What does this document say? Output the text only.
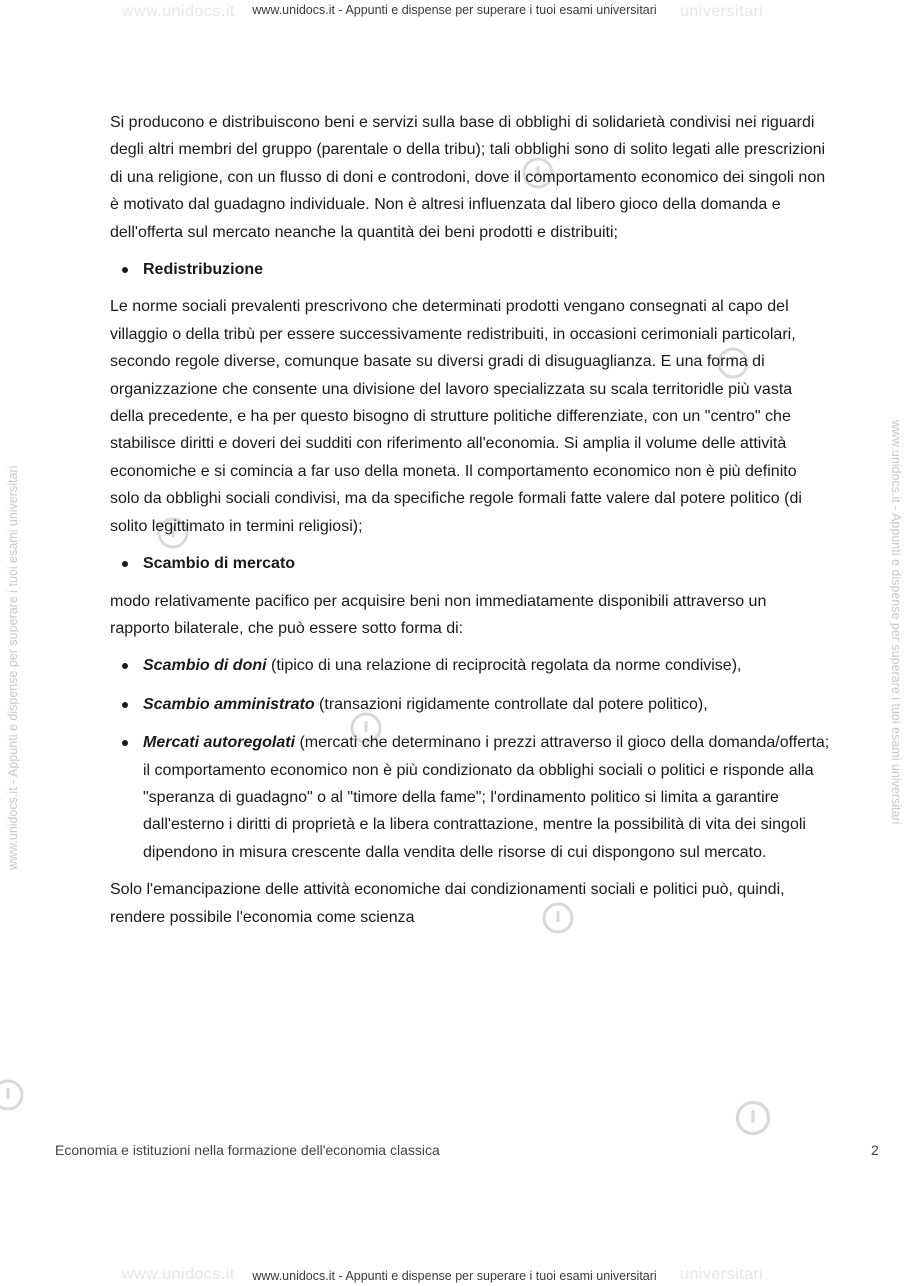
www.unidocs.it	universitari
www.unidocs.it - Appunti e dispense per superare i tuoi esami universitari
www.unidocs.it	universitari
www.unidocs.it - Appunti e dispense per superare i tuoi esami universitari
www.unidocs.it - Appunti e dispense per superare i tuoi esami universitari	www.unidocs.it - Appunti e dispense per superare i tuoi esami universitari

Si producono e distribuiscono beni e servizi sulla base di obblighi di solidarietà condivisi nei riguardi degli altri membri del gruppo (parentale o della tribu); tali obblighi sono di solito legati alle prescrizioni di una religione, con un flusso di doni e controdoni, dove il comportamento economico dei singoli non è motivato dal guadagno individuale. Non è altresi influenzata dal libero gioco della domanda e dell'offerta sul mercato neanche la quantità dei beni prodotti e distribuiti;

Redistribuzione

Le norme sociali prevalenti prescrivono che determinati prodotti vengano consegnati al capo del villaggio o della tribù per essere successivamente redistribuiti, in occasioni cerimoniali particolari, secondo regole diverse, comunque basate su diversi gradi di disuguaglianza. E una forma di organizzazione che consente una divisione del lavoro specializzata su scala territoridle più vasta della precedente, e ha per questo bisogno di strutture politiche differenziate, con un "centro" che stabilisce diritti e doveri dei sudditi con riferimento all'economia. Si amplia il volume delle attività economiche e si comincia a far uso della moneta. Il comportamento economico non è più definito solo da obblighi sociali condivisi, ma da specifiche regole formali fatte valere dal potere politico (di solito legittimato in termini religiosi);

Scambio di mercato

modo relativamente pacifico per acquisire beni non immediatamente disponibili attraverso un rapporto bilaterale, che può essere sotto forma di:

Scambio di doni (tipico di una relazione di reciprocità regolata da norme condivise),
Scambio amministrato (transazioni rigidamente controllate dal potere politico),
Mercati autoregolati (mercati che determinano i prezzi attraverso il gioco della domanda/offerta; il comportamento economico non è più condizionato da obblighi sociali o politici e risponde alla "speranza di guadagno" o al "timore della fame"; l'ordinamento politico si limita a garantire dall'esterno i diritti di proprietà e la libera contrattazione, mentre la possibilità di vita dei singoli dipendono in misura crescente dalla vendita delle risorse di cui dispongono sul mercato.

Solo l'emancipazione delle attività economiche dai condizionamenti sociali e politici può, quindi, rendere possibile l'economia come scienza

Economia e istituzioni nella formazione dell'economia classica	2
